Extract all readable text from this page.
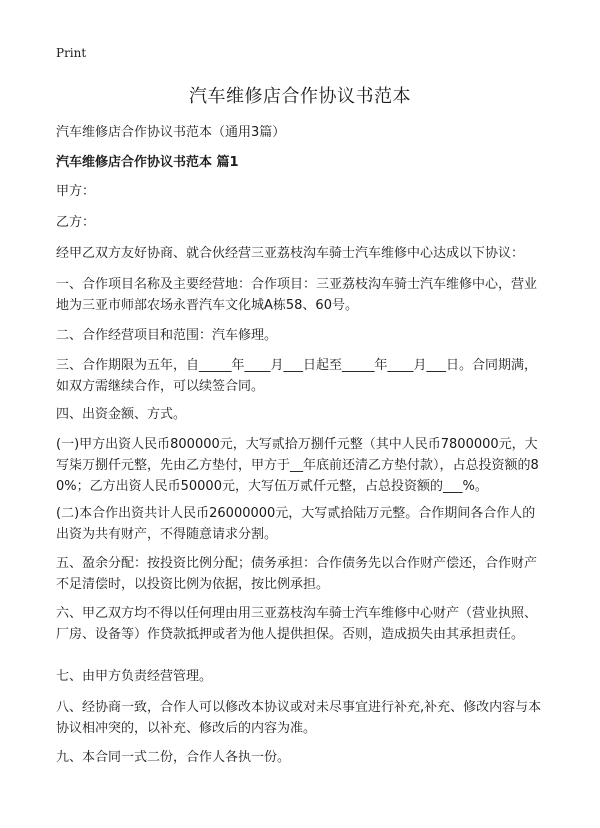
Print
汽车维修店合作协议书范本
汽车维修店合作协议书范本（通用3篇）
汽车维修店合作协议书范本 篇1

甲方：

乙方：

经甲乙双方友好协商、就合伙经营三亚荔枝沟车骑士汽车维修中心达成以下协议：

一、合作项目名称及主要经营地：合作项目：三亚荔枝沟车骑士汽车维修中心，营业地为三亚市师部农场永晋汽车文化城A栋58、60号。

二、合作经营项目和范围：汽车修理。

三、合作期限为五年，自_____年____月___日起至_____年____月___日。合同期满，如双方需继续合作，可以续签合同。

四、出资金额、方式。

(一)甲方出资人民币800000元，大写贰拾万捌仟元整（其中人民币7800000元，大写柒万捌仟元整，先由乙方垫付，甲方于__年底前还清乙方垫付款），占总投资额的80%；乙方出资人民币50000元，大写伍万贰仟元整，占总投资额的___%。

(二)本合作出资共计人民币26000000元，大写贰拾陆万元整。合作期间各合作人的出资为共有财产，不得随意请求分割。

五、盈余分配：按投资比例分配；债务承担：合作债务先以合作财产偿还，合作财产不足清偿时，以投资比例为依据，按比例承担。

六、甲乙双方均不得以任何理由用三亚荔枝沟车骑士汽车维修中心财产（营业执照、厂房、设备等）作贷款抵押或者为他人提供担保。否则，造成损失由其承担责任。

七、由甲方负责经营管理。

八、经协商一致，合作人可以修改本协议或对未尽事宜进行补充,补充、修改内容与本协议相冲突的，以补充、修改后的内容为准。

九、本合同一式二份，合作人各执一份。
